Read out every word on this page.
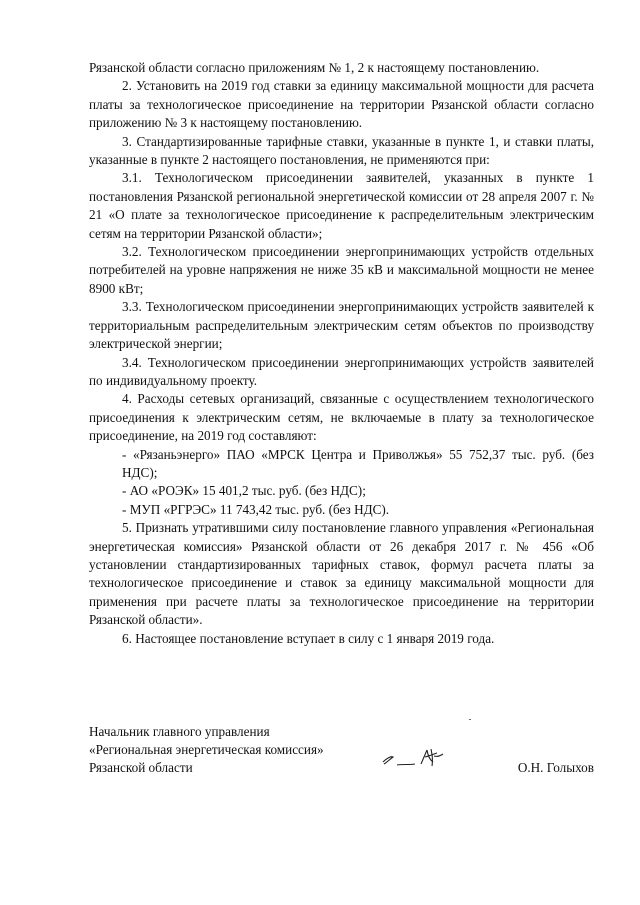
Рязанской области согласно приложениям № 1, 2 к настоящему постановлению.

2. Установить на 2019 год ставки за единицу максимальной мощности для расчета платы за технологическое присоединение на территории Рязанской области согласно приложению № 3 к настоящему постановлению.

3. Стандартизированные тарифные ставки, указанные в пункте 1, и ставки платы, указанные в пункте 2 настоящего постановления, не применяются при:

3.1. Технологическом присоединении заявителей, указанных в пункте 1 постановления Рязанской региональной энергетической комиссии от 28 апреля 2007 г. № 21 «О плате за технологическое присоединение к распределительным электрическим сетям на территории Рязанской области»;

3.2. Технологическом присоединении энергопринимающих устройств отдельных потребителей на уровне напряжения не ниже 35 кВ и максимальной мощности не менее 8900 кВт;

3.3. Технологическом присоединении энергопринимающих устройств заявителей к территориальным распределительным электрическим сетям объектов по производству электрической энергии;

3.4. Технологическом присоединении энергопринимающих устройств заявителей по индивидуальному проекту.

4. Расходы сетевых организаций, связанные с осуществлением технологического присоединения к электрическим сетям, не включаемые в плату за технологическое присоединение, на 2019 год составляют:

- «Рязаньэнерго» ПАО «МРСК Центра и Приволжья» 55 752,37 тыс. руб. (без НДС);

- АО «РОЭК» 15 401,2 тыс. руб. (без НДС);

- МУП «РГРЭС» 11 743,42 тыс. руб. (без НДС).

5. Признать утратившими силу постановление главного управления «Региональная энергетическая комиссия» Рязанской области от 26 декабря 2017 г. № 456 «Об установлении стандартизированных тарифных ставок, формул расчета платы за технологическое присоединение и ставок за единицу максимальной мощности для применения при расчете платы за технологическое присоединение на территории Рязанской области».

6. Настоящее постановление вступает в силу с 1 января 2019 года.

Начальник главного управления

«Региональная энергетическая комиссия»

Рязанской области	О.Н. Голыхов
